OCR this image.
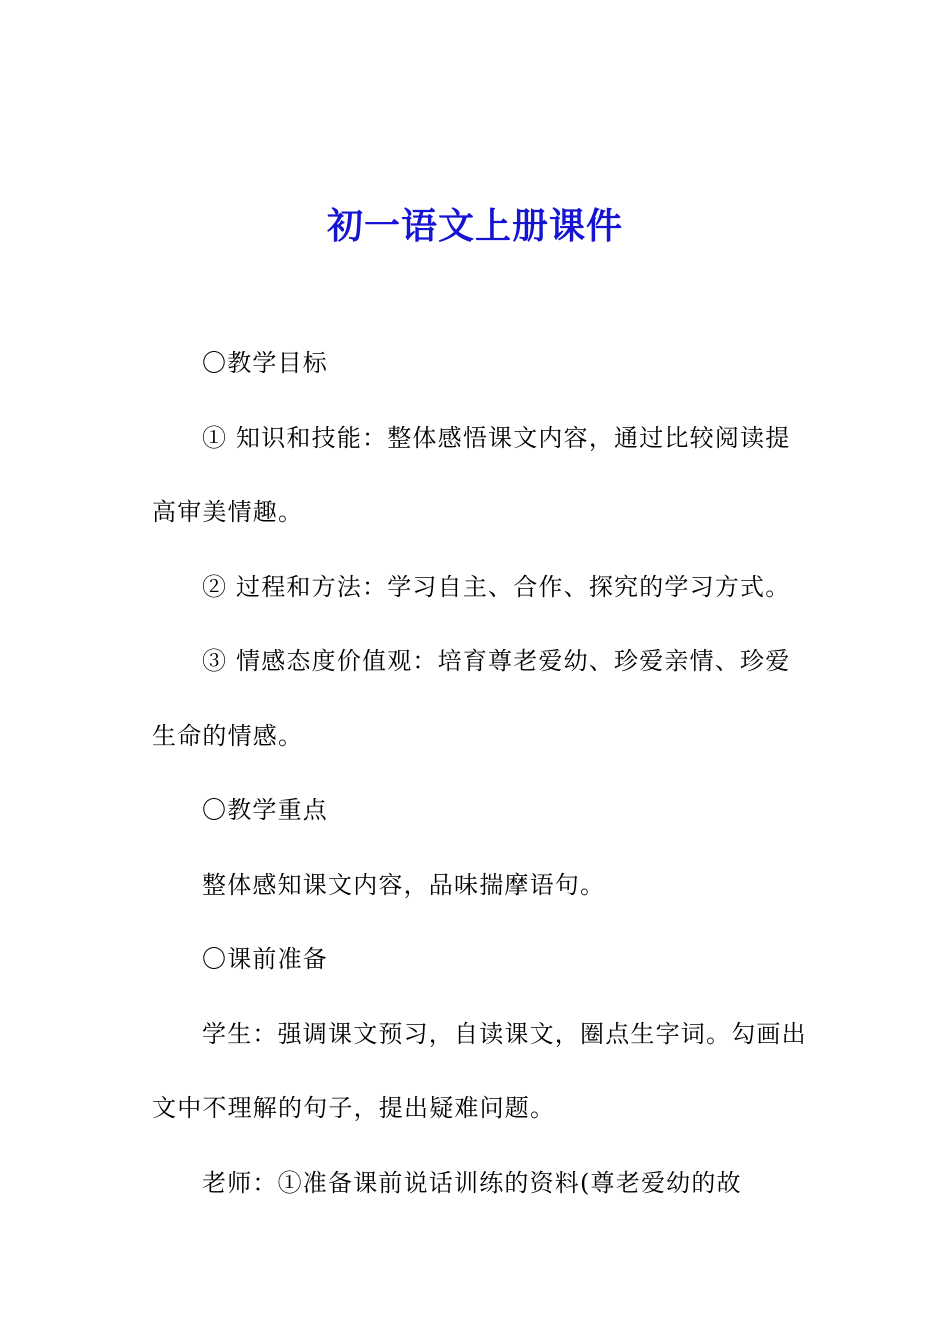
初一语文上册课件

〇教学目标

① 知识和技能：整体感悟课文内容，通过比较阅读提高审美情趣。

② 过程和方法：学习自主、合作、探究的学习方式。

③ 情感态度价值观：培育尊老爱幼、珍爱亲情、珍爱生命的情感。

〇教学重点

整体感知课文内容，品味揣摩语句。

〇课前准备

学生：强调课文预习，自读课文，圈点生字词。勾画出文中不理解的句子，提出疑难问题。

老师：①准备课前说话训练的资料(尊老爱幼的故
